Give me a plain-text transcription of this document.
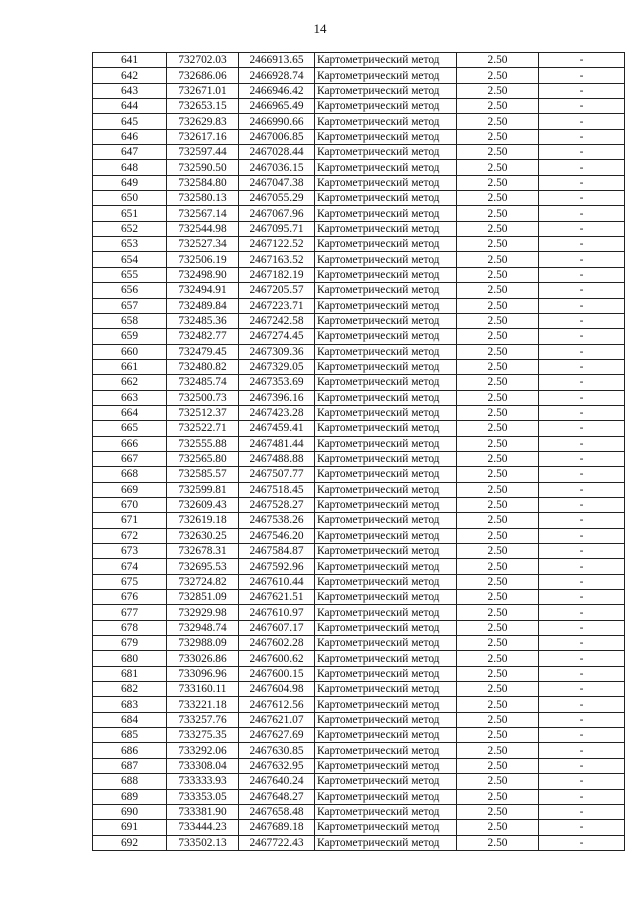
14
641	732702.03	2466913.65	Картометрический метод	2.50	-
642	732686.06	2466928.74	Картометрический метод	2.50	-
643	732671.01	2466946.42	Картометрический метод	2.50	-
644	732653.15	2466965.49	Картометрический метод	2.50	-
645	732629.83	2466990.66	Картометрический метод	2.50	-
646	732617.16	2467006.85	Картометрический метод	2.50	-
647	732597.44	2467028.44	Картометрический метод	2.50	-
648	732590.50	2467036.15	Картометрический метод	2.50	-
649	732584.80	2467047.38	Картометрический метод	2.50	-
650	732580.13	2467055.29	Картометрический метод	2.50	-
651	732567.14	2467067.96	Картометрический метод	2.50	-
652	732544.98	2467095.71	Картометрический метод	2.50	-
653	732527.34	2467122.52	Картометрический метод	2.50	-
654	732506.19	2467163.52	Картометрический метод	2.50	-
655	732498.90	2467182.19	Картометрический метод	2.50	-
656	732494.91	2467205.57	Картометрический метод	2.50	-
657	732489.84	2467223.71	Картометрический метод	2.50	-
658	732485.36	2467242.58	Картометрический метод	2.50	-
659	732482.77	2467274.45	Картометрический метод	2.50	-
660	732479.45	2467309.36	Картометрический метод	2.50	-
661	732480.82	2467329.05	Картометрический метод	2.50	-
662	732485.74	2467353.69	Картометрический метод	2.50	-
663	732500.73	2467396.16	Картометрический метод	2.50	-
664	732512.37	2467423.28	Картометрический метод	2.50	-
665	732522.71	2467459.41	Картометрический метод	2.50	-
666	732555.88	2467481.44	Картометрический метод	2.50	-
667	732565.80	2467488.88	Картометрический метод	2.50	-
668	732585.57	2467507.77	Картометрический метод	2.50	-
669	732599.81	2467518.45	Картометрический метод	2.50	-
670	732609.43	2467528.27	Картометрический метод	2.50	-
671	732619.18	2467538.26	Картометрический метод	2.50	-
672	732630.25	2467546.20	Картометрический метод	2.50	-
673	732678.31	2467584.87	Картометрический метод	2.50	-
674	732695.53	2467592.96	Картометрический метод	2.50	-
675	732724.82	2467610.44	Картометрический метод	2.50	-
676	732851.09	2467621.51	Картометрический метод	2.50	-
677	732929.98	2467610.97	Картометрический метод	2.50	-
678	732948.74	2467607.17	Картометрический метод	2.50	-
679	732988.09	2467602.28	Картометрический метод	2.50	-
680	733026.86	2467600.62	Картометрический метод	2.50	-
681	733096.96	2467600.15	Картометрический метод	2.50	-
682	733160.11	2467604.98	Картометрический метод	2.50	-
683	733221.18	2467612.56	Картометрический метод	2.50	-
684	733257.76	2467621.07	Картометрический метод	2.50	-
685	733275.35	2467627.69	Картометрический метод	2.50	-
686	733292.06	2467630.85	Картометрический метод	2.50	-
687	733308.04	2467632.95	Картометрический метод	2.50	-
688	733333.93	2467640.24	Картометрический метод	2.50	-
689	733353.05	2467648.27	Картометрический метод	2.50	-
690	733381.90	2467658.48	Картометрический метод	2.50	-
691	733444.23	2467689.18	Картометрический метод	2.50	-
692	733502.13	2467722.43	Картометрический метод	2.50	-
